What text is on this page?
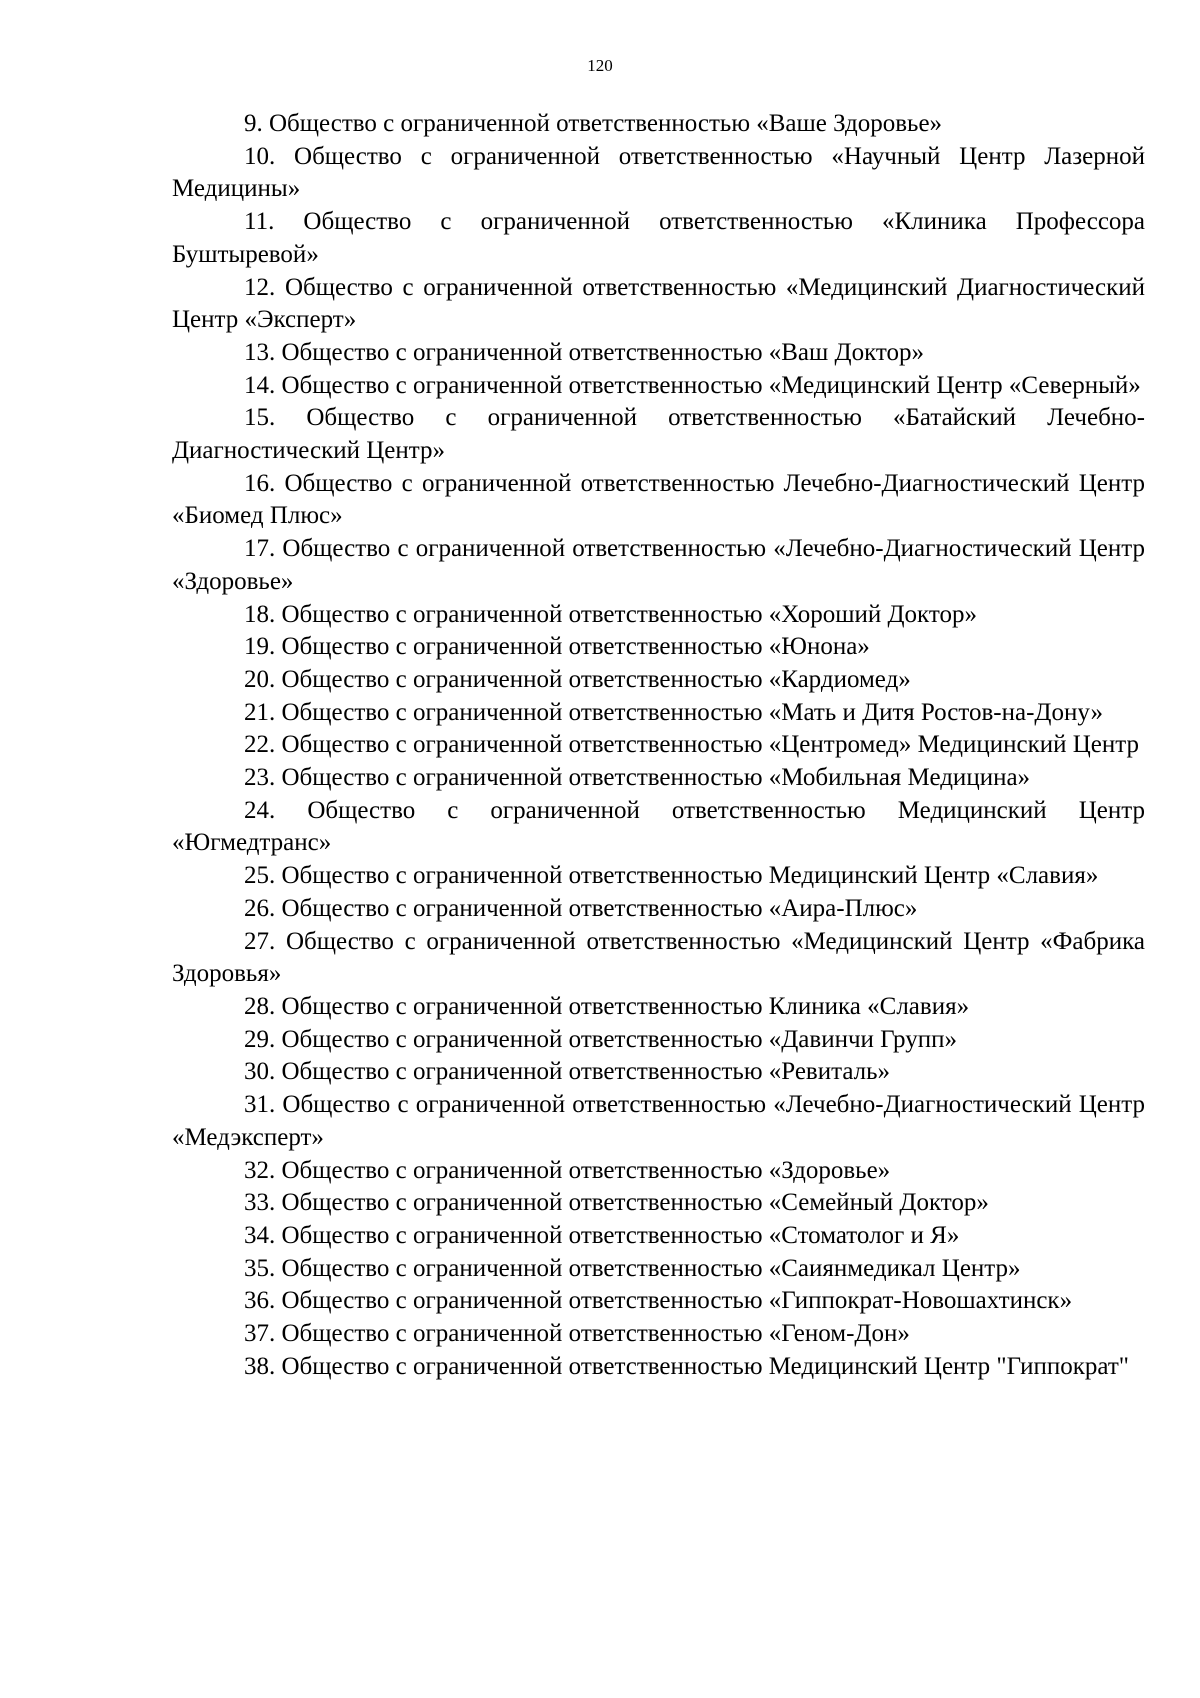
120
9. Общество с ограниченной ответственностью «Ваше Здоровье»
10. Общество с ограниченной ответственностью «Научный Центр Лазерной Медицины»
11. Общество с ограниченной ответственностью «Клиника Профессора Буштыревой»
12. Общество с ограниченной ответственностью «Медицинский Диагностический Центр «Эксперт»
13. Общество с ограниченной ответственностью «Ваш Доктор»
14. Общество с ограниченной ответственностью «Медицинский Центр «Северный»
15. Общество с ограниченной ответственностью «Батайский Лечебно-Диагностический Центр»
16. Общество с ограниченной ответственностью Лечебно-Диагностический Центр «Биомед Плюс»
17. Общество с ограниченной ответственностью «Лечебно-Диагностический Центр «Здоровье»
18. Общество с ограниченной ответственностью «Хороший Доктор»
19. Общество с ограниченной ответственностью «Юнона»
20. Общество с ограниченной ответственностью «Кардиомед»
21. Общество с ограниченной ответственностью «Мать и Дитя Ростов-на-Дону»
22. Общество с ограниченной ответственностью «Центромед» Медицинский Центр
23. Общество с ограниченной ответственностью «Мобильная Медицина»
24. Общество с ограниченной ответственностью Медицинский Центр «Югмедтранс»
25. Общество с ограниченной ответственностью Медицинский Центр «Славия»
26. Общество с ограниченной ответственностью «Аира-Плюс»
27. Общество с ограниченной ответственностью «Медицинский Центр «Фабрика Здоровья»
28. Общество с ограниченной ответственностью Клиника «Славия»
29. Общество с ограниченной ответственностью «Давинчи Групп»
30. Общество с ограниченной ответственностью «Ревиталь»
31. Общество с ограниченной ответственностью «Лечебно-Диагностический Центр «Медэксперт»
32. Общество с ограниченной ответственностью «Здоровье»
33. Общество с ограниченной ответственностью «Семейный Доктор»
34. Общество с ограниченной ответственностью «Стоматолог и Я»
35. Общество с ограниченной ответственностью «Саиянмедикал Центр»
36. Общество с ограниченной ответственностью «Гиппократ-Новошахтинск»
37. Общество с ограниченной ответственностью «Геном-Дон»
38. Общество с ограниченной ответственностью Медицинский Центр "Гиппократ"
